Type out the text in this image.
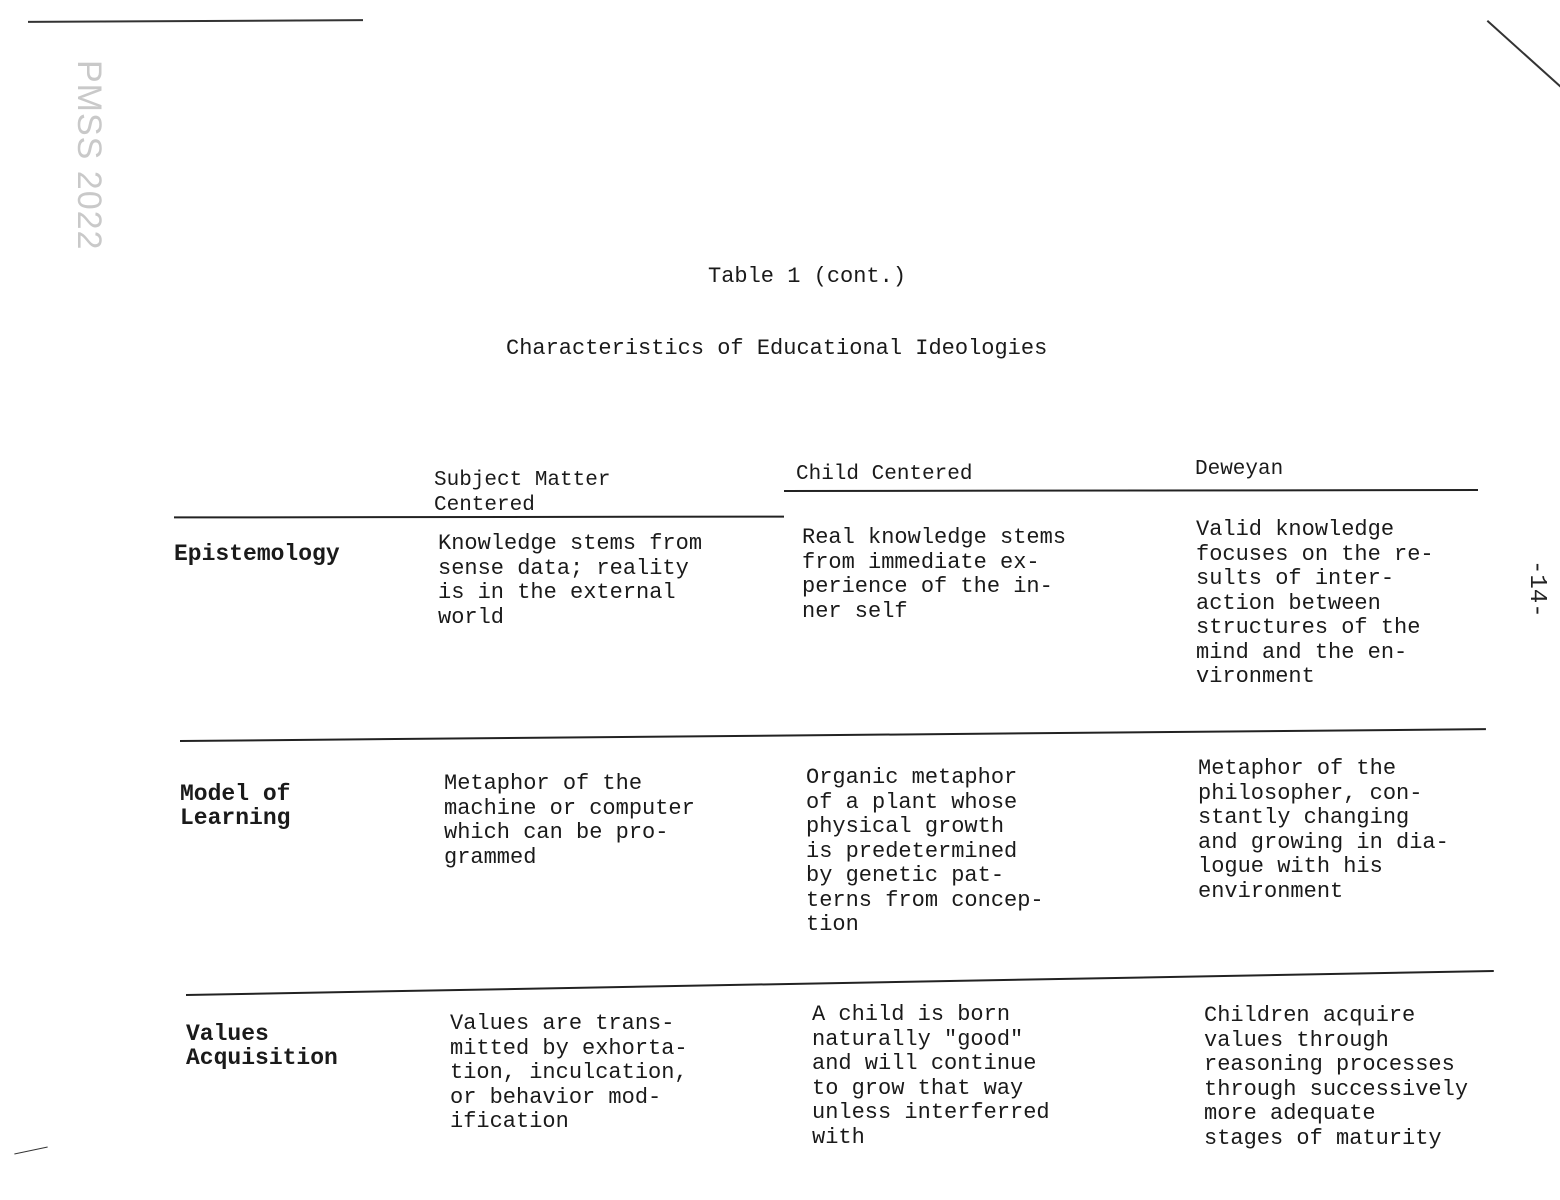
PMSS 2022
-14-
Table 1 (cont.)
Characteristics of Educational Ideologies
Subject Matter Centered
Child Centered	Deweyan
Epistemology	Knowledge stems from
sense data; reality
is in the external
world
Real knowledge stems
from immediate ex-
perience of the in-
ner self
Valid knowledge
focuses on the re-
sults of inter-
action between
structures of the
mind and the en-
vironment
Model of
Learning
Metaphor of the
machine or computer
which can be pro-
grammed
Organic metaphor
of a plant whose
physical growth
is predetermined
by genetic pat-
terns from concep-
tion
Metaphor of the
philosopher, con-
stantly changing
and growing in dia-
logue with his
environment
Values
Acquisition
Values are trans-
mitted by exhorta-
tion, inculcation,
or behavior mod-
ification
A child is born
naturally "good"
and will continue
to grow that way
unless interferred
with
Children acquire
values through
reasoning processes
through successively
more adequate
stages of maturity
